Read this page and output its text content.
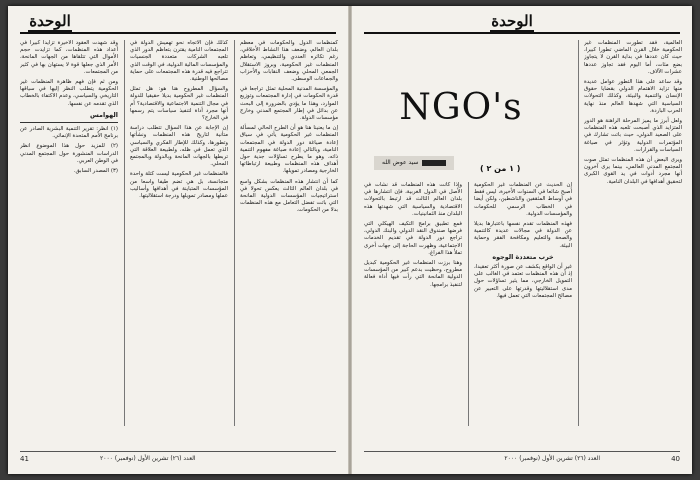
الوحدة

كمنظمات الدول والحكومات في معظم بلدان العالم، وضعف هذا النشاط الأخلاقي، رغم تكاثره العددي والتنظيمي، وتعاظم المنظمات غير الحكومية، وبروز الاستقلال الجمعي المحلي وضعف النقابات والأحزاب والجماعات الوسطى.

والمؤسسة المدنية المحلية تمثل تراجعا في قدرة الحكومات في إدارة المجتمعات وتوزيع الموارد، وهذا ما يؤدي بالضرورة إلى البحث عن بدائل في إطار المجتمع المدني وخارج مؤسسات الدولة.

إن ما يعنينا هنا هو أن الطرح الحالي لمسألة المنظمات غير الحكومية يأتي في سياق إعادة صياغة دور الدولة في المجتمعات النامية، وبالتالي إعادة صياغة مفهوم التنمية ذاته، وهو ما يطرح تساؤلات جدية حول أهداف هذه المنظمات وطبيعة ارتباطاتها الخارجية ومصادر تمويلها.

كما أن انتشار هذه المنظمات بشكل واسع في بلدان العالم الثالث يعكس تحولا في استراتيجيات المؤسسات الدولية المانحة التي باتت تفضل التعامل مع هذه المنظمات بدلا من الحكومات.

كذلك فإن الاتجاه نحو تهميش الدولة في المجتمعات النامية يقترن بتعاظم الدور الذي تلعبه الشركات متعددة الجنسيات والمؤسسات المالية الدولية، في الوقت الذي تتراجع فيه قدرة هذه المجتمعات على حماية مصالحها الوطنية.

والسؤال المطروح هنا هو: هل تمثل المنظمات غير الحكومية بديلا حقيقيا للدولة في مجال التنمية الاجتماعية والاقتصادية؟ أم أنها مجرد أداة لتنفيذ سياسات يتم رسمها في الخارج؟

إن الإجابة عن هذا السؤال تتطلب دراسة متأنية لتاريخ هذه المنظمات ونشأتها وتطورها، وكذلك للإطار الفكري والسياسي الذي تعمل في ظله، ولطبيعة العلاقة التي تربطها بالجهات المانحة وبالدولة وبالمجتمع المحلي.

فالمنظمات غير الحكومية ليست كتلة واحدة متجانسة، بل هي تضم طيفا واسعا من المؤسسات المتباينة في أهدافها وأساليب عملها ومصادر تمويلها ودرجة استقلاليتها.

وقد شهدت العقود الأخيرة تزايدا كبيرا في أعداد هذه المنظمات، كما تزايدت حجم الأموال التي تتلقاها من الجهات المانحة، الأمر الذي جعلها قوة لا يستهان بها في كثير من المجتمعات.

ومن ثم فإن فهم ظاهرة المنظمات غير الحكومية يتطلب النظر إليها في سياقها التاريخي والسياسي، وعدم الاكتفاء بالخطاب الذي تقدمه عن نفسها.

الهوامس

(١) انظر: تقرير التنمية البشرية الصادر عن برنامج الأمم المتحدة الإنمائي.

(٢) للمزيد حول هذا الموضوع انظر الدراسات المنشورة حول المجتمع المدني في الوطن العربي.

(٣) المصدر السابق.

41	العدد (٢٦) تشرين الأول (نوفمبر) ٢٠٠٠
الوحدة
NGO's
سيد عوض الله
( ١ من ٢ )

العالمية، فقد تطورت المنظمات غير الحكومية خلال القرن الماضي تطورا كبيرا، حيث كان عددها في بداية القرن لا يتجاوز بضع مئات، أما اليوم فقد تجاوز عددها عشرات الآلاف.

وقد ساعد على هذا التطور عوامل عديدة منها تزايد الاهتمام الدولي بقضايا حقوق الإنسان والتنمية والبيئة، وكذلك التحولات السياسية التي شهدها العالم منذ نهاية الحرب الباردة.

ولعل أبرز ما يميز المرحلة الراهنة هو الدور المتزايد الذي أصبحت تلعبه هذه المنظمات على الصعيد الدولي، حيث باتت تشارك في المؤتمرات الدولية وتؤثر في صياغة السياسات والقرارات.

ويرى البعض أن هذه المنظمات تمثل صوت المجتمع المدني العالمي، بينما يرى آخرون أنها مجرد أدوات في يد القوى الكبرى لتحقيق أهدافها في البلدان النامية.

إن الحديث عن المنظمات غير الحكومية أصبح شائعا في السنوات الأخيرة، ليس فقط في أوساط المثقفين والناشطين، ولكن أيضا في الخطاب الرسمي للحكومات والمؤسسات الدولية.

فهذه المنظمات تقدم نفسها باعتبارها بديلا عن الدولة في مجالات عديدة كالتنمية والصحة والتعليم ومكافحة الفقر وحماية البيئة.

خرب متعددة الوجوه

غير أن الواقع يكشف عن صورة أكثر تعقيدا، إذ أن هذه المنظمات تعتمد في الغالب على التمويل الخارجي، مما يثير تساؤلات حول مدى استقلاليتها وقدرتها على التعبير عن مصالح المجتمعات التي تعمل فيها.

وإذا كانت هذه المنظمات قد نشأت في الأصل في الدول الغربية، فإن انتشارها في بلدان العالم الثالث قد ارتبط بالتحولات الاقتصادية والسياسية التي شهدتها هذه البلدان منذ الثمانينيات.

فمع تطبيق برامج التكيف الهيكلي التي فرضها صندوق النقد الدولي والبنك الدولي، تراجع دور الدولة في تقديم الخدمات الاجتماعية، وظهرت الحاجة إلى جهات أخرى تملأ هذا الفراغ.

وهنا برزت المنظمات غير الحكومية كبديل مطروح، وحظيت بدعم كبير من المؤسسات الدولية المانحة التي رأت فيها أداة فعالة لتنفيذ برامجها.

40
العدد (٢٦) تشرين الأول (نوفمبر) ٢٠٠٠
